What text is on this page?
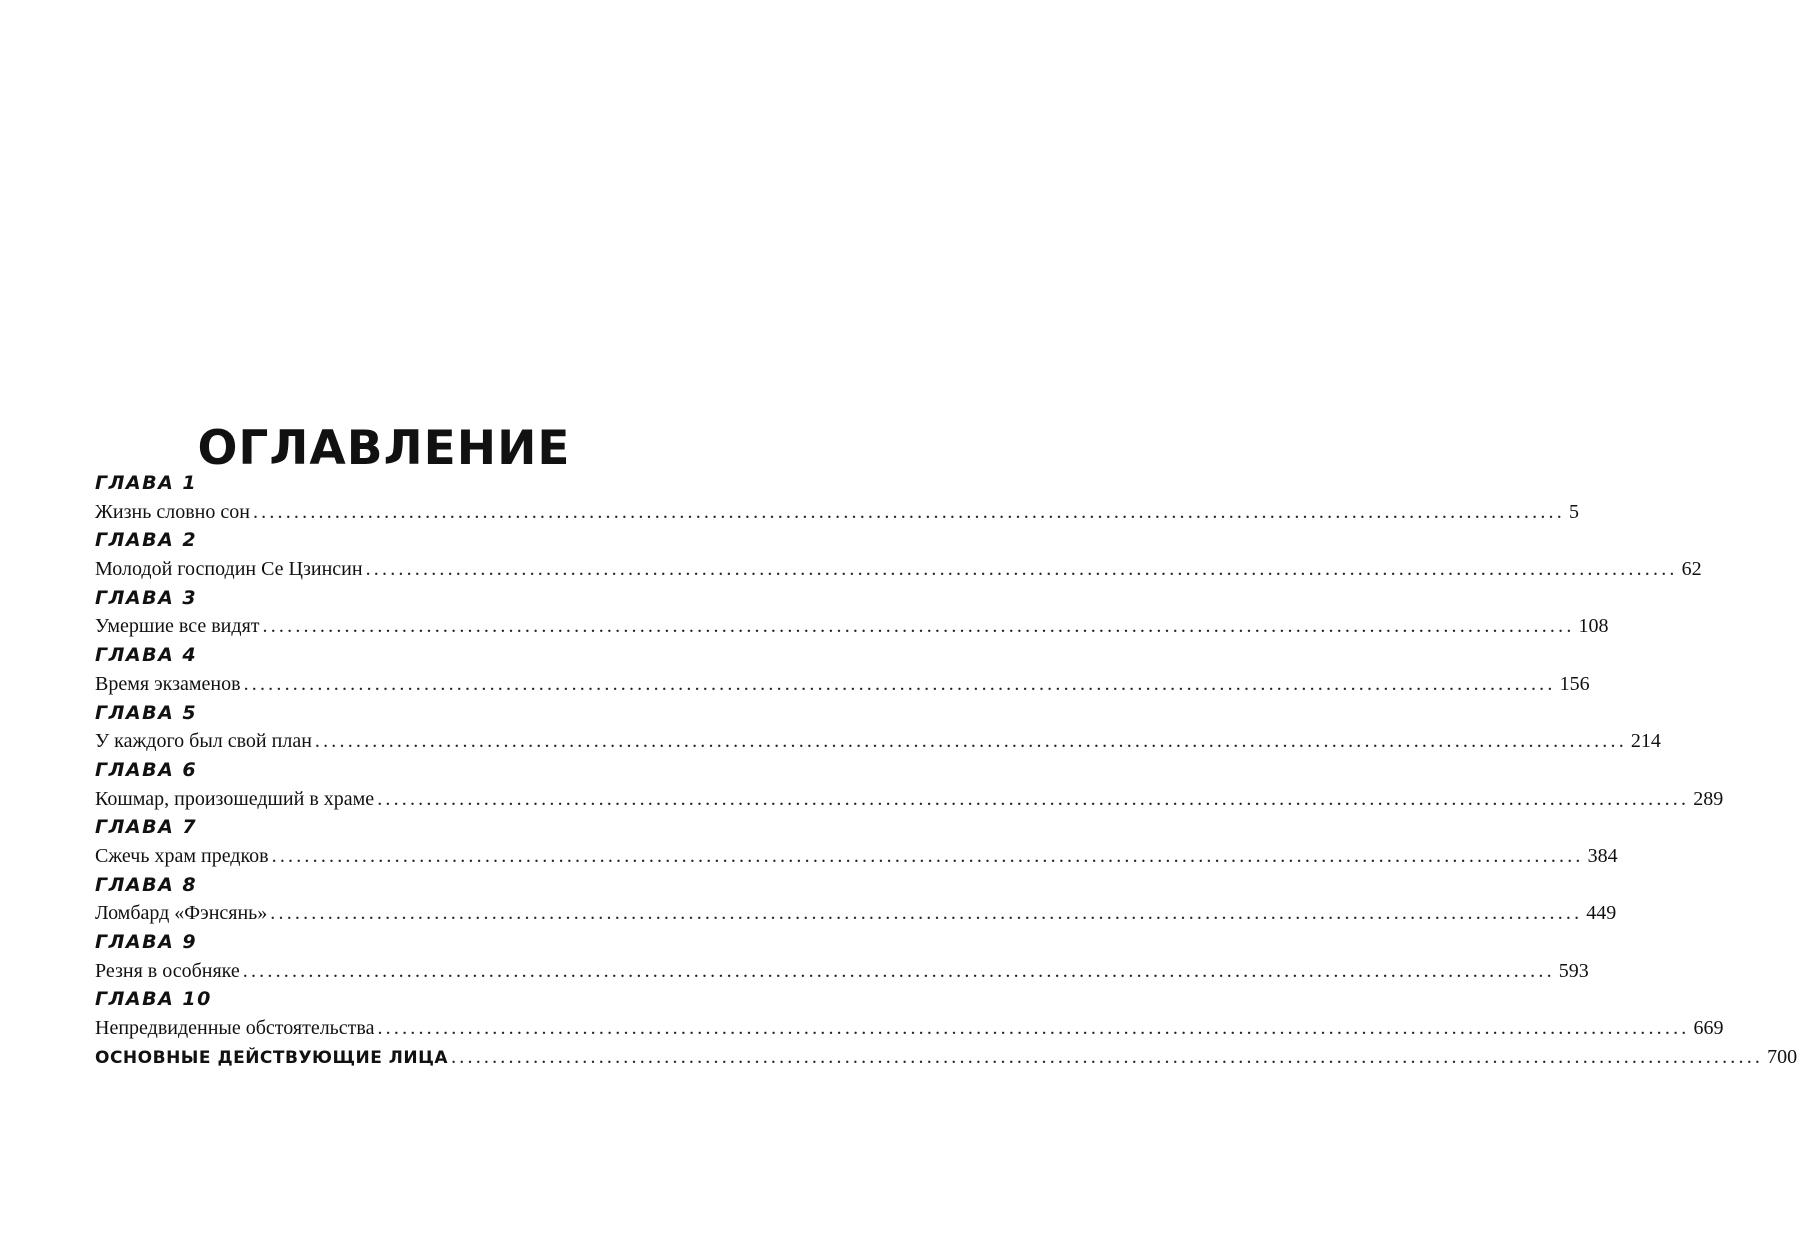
ОГЛАВЛЕНИЕ
ГЛАВА 1
Жизнь словно сон ................................................................................................................................................................ 5
ГЛАВА 2
Молодой господин Се Цзинсин ................................................................................................................................................................ 62
ГЛАВА 3
Умершие все видят ................................................................................................................................................................ 108
ГЛАВА 4
Время экзаменов ................................................................................................................................................................ 156
ГЛАВА 5
У каждого был свой план ................................................................................................................................................................ 214
ГЛАВА 6
Кошмар, произошедший в храме ................................................................................................................................................................ 289
ГЛАВА 7
Сжечь храм предков ................................................................................................................................................................ 384
ГЛАВА 8
Ломбард «Фэнсянь» ................................................................................................................................................................ 449
ГЛАВА 9
Резня в особняке ................................................................................................................................................................ 593
ГЛАВА 10
Непредвиденные обстоятельства ................................................................................................................................................................ 669
ОСНОВНЫЕ ДЕЙСТВУЮЩИЕ ЛИЦА ................................................................................................................................................................ 700
